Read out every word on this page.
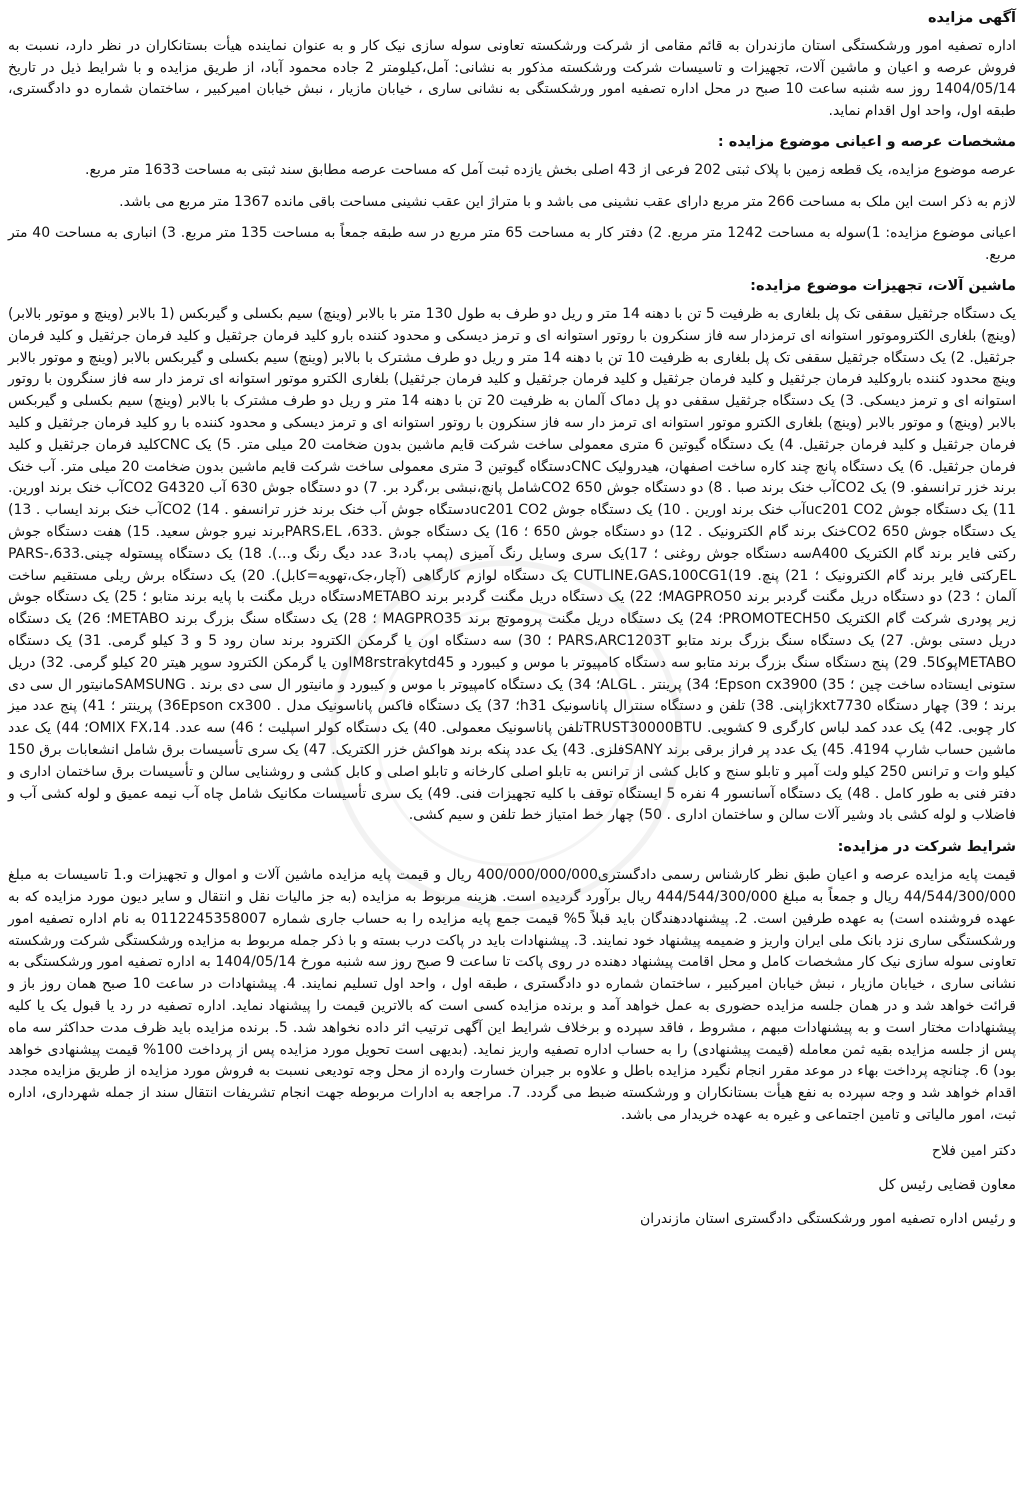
آگهی مزایده
اداره تصفیه امور ورشکستگی استان مازندران به قائم مقامی از شرکت ورشکسته تعاونی سوله سازی نیک کار و به عنوان نماینده هیأت بستانکاران در نظر دارد، نسبت به فروش عرصه و اعیان و ماشین آلات، تجهیزات و تاسیسات شرکت ورشکسته مذکور به نشانی: آمل،کیلومتر 2 جاده محمود آباد، از طریق مزایده و با شرایط ذیل در تاریخ 1404/05/14 روز سه شنبه ساعت 10 صبح در محل اداره تصفیه امور ورشکستگی به نشانی ساری ، خیابان مازیار ، نبش خیابان امیرکبیر ، ساختمان شماره دو دادگستری، طبقه اول، واحد اول اقدام نماید.
مشخصات عرصه و اعیانی موضوع مزایده :
عرصه موضوع مزایده، یک قطعه زمین با پلاک ثبتی 202 فرعی از 43 اصلی بخش یازده ثبت آمل که مساحت عرصه مطابق سند ثبتی به مساحت 1633 متر مربع.
لازم به ذکر است این ملک به مساحت 266 متر مربع دارای عقب نشینی می باشد و با متراژ این عقب نشینی مساحت باقی مانده 1367 متر مربع می باشد.
اعیانی موضوع مزایده: 1)سوله به مساحت 1242 متر مربع. 2) دفتر کار به مساحت 65 متر مربع در سه طبقه جمعاً به مساحت 135 متر مربع. 3) انباری به مساحت 40 متر مربع.
ماشین آلات، تجهیزات موضوع مزایده:
یک دستگاه جرثقیل سقفی تک پل بلغاری به ظرفیت 5 تن با دهنه 14 متر و ریل دو طرف به طول 130 متر با بالابر (وینچ) سیم بکسلی و گیربکس (1 بالابر (وینچ و موتور بالابر) (وینچ) بلغاری الکتروموتور استوانه ای ترمزدار سه فاز سنکرون با روتور استوانه ای و ترمز دیسکی و محدود کننده بارو کلید فرمان جرثقیل و کلید فرمان جرثقیل و کلید فرمان جرثقیل. 2) یک دستگاه جرثقیل سقفی تک پل بلغاری به ظرفیت 10 تن با دهنه 14 متر و ریل دو طرف مشترک با بالابر (وینچ) سیم بکسلی و گیربکس بالابر (وینچ و موتور بالابر وینچ محدود کننده باروکلید فرمان جرثقیل و کلید فرمان جرثقیل و کلید فرمان جرثقیل و کلید فرمان جرثقیل) بلغاری الکترو موتور استوانه ای ترمز دار سه فاز سنگرون با روتور استوانه ای و ترمز دیسکی. 3) یک دستگاه جرثقیل سقفی دو پل دماک آلمان به ظرفیت 20 تن با دهنه 14 متر و ریل دو طرف مشترک با بالابر (وینچ) سیم بکسلی و گیربکس بالابر (وینچ) و موتور بالابر (وینچ) بلغاری الکترو موتور استوانه ای ترمز دار سه فاز سنکرون با روتور استوانه ای و ترمز دیسکی و محدود کننده با رو کلید فرمان جرثقیل و کلید فرمان جرثقیل و کلید فرمان جرثقیل. 4) یک دستگاه گیوتین 6 متری معمولی ساخت شرکت قایم ماشین بدون ضخامت 20 میلی متر. 5) یک CNCکلید فرمان جرثقیل و کلید فرمان جرثقیل. 6) یک دستگاه پانچ چند کاره ساخت اصفهان، هیدرولیک CNCدستگاه گیوتین 3 متری معمولی ساخت شرکت قایم ماشین بدون ضخامت 20 میلی متر. آب خنک برند خزر ترانسفو. 9) یک CO2آب خنک برند صبا . 8) دو دستگاه جوش 650 CO2شامل پانچ،نبشی بر،گرد بر. 7) دو دستگاه جوش 630 آب CO2 G4320آب خنک برند اورین. 11) یک دستگاه جوش uc201 CO2آب خنک برند اورین . 10) یک دستگاه جوش uc201 CO2دستگاه جوش آب خنک برند خزر ترانسفو . 14) CO2آب خنک برند ایساب . 13) یک دستگاه جوش 650 CO2خنک برند گام الکترونیک . 12) دو دستگاه جوش 650 ؛ 16) یک دستگاه جوش .633، PARS،ELبرند نیرو جوش سعید. 15) هفت دستگاه جوش رکتی فایر برند گام الکتریک A400سه دستگاه جوش روغنی ؛ 17)یک سری وسایل رنگ آمیزی (پمپ باد،3 عدد دیگ رنگ و...). 18) یک دستگاه پیستوله چینی.633،PARS-ELرکتی فایر برند گام الکترونیک ؛ 21) پنچ. 19)CUTLINE،GAS،100CG1 یک دستگاه لوازم کارگاهی (آچار،جک،تهویه=کابل). 20) یک دستگاه برش ریلی مستقیم ساخت آلمان ؛ 23) دو دستگاه دریل مگنت گردبر برند MAGPRO50؛ 22) یک دستگاه دریل مگنت گردبر برند METABOدستگاه دریل مگنت با پایه برند متابو ؛ 25) یک دستگاه جوش زیر پودری شرکت گام الکتریک PROMOTECH50؛ 24) یک دستگاه دریل مگنت پروموتچ برند MAGPRO35 ؛ 28) یک دستگاه سنگ بزرگ برند METABO؛ 26) یک دستگاه دریل دستی بوش. 27) یک دستگاه سنگ بزرگ برند متابو PARS،ARC1203T ؛ 30) سه دستگاه اون یا گرمکن الکترود برند سان رود 5 و 3 کیلو گرمی. 31) یک دستگاه METABOپوکا5. 29) پنج دستگاه سنگ بزرگ برند متابو سه دستگاه کامپیوتر با موس و کیبورد و M8rstrakytd45اون یا گرمکن الکترود سوپر هیتر 20 کیلو گرمی. 32) دریل ستونی ایستاده ساخت چین ؛ 35) Epson cx3900؛ 34) پرینتر . ALGL؛ 34) یک دستگاه کامپیوتر با موس و کیبورد و مانیتور ال سی دی برند . SAMSUNGمانیتور ال سی دی برند ؛ 39) چهار دستگاه kxt7730ژاپنی. 38) تلفن و دستگاه سنترال پاناسونیک h31؛ 37) یک دستگاه فاکس پاناسونیک مدل . 36Epson cx300) پرینتر ؛ 41) پنج عدد میز کار چوبی. 42) یک عدد کمد لباس کارگری 9 کشویی. TRUST30000BTUتلفن پاناسونیک معمولی. 40) یک دستگاه کولر اسپلیت ؛ 46) سه عدد. OMIX FX،14؛ 44) یک عدد ماشین حساب شارپ 4194. 45) یک عدد پر فراز برقی برند SANYفلزی. 43) یک عدد پنکه برند هواکش خزر الکتریک. 47) یک سری تأسیسات برق شامل انشعابات برق 150 کیلو وات و ترانس 250 کیلو ولت آمپر و تابلو سنج و کابل کشی از ترانس به تابلو اصلی کارخانه و تابلو اصلی و کابل کشی و روشنایی سالن و تأسیسات برق ساختمان اداری و دفتر فنی به طور کامل . 48) یک دستگاه آسانسور 4 نفره 5 ایستگاه توقف با کلیه تجهیزات فنی. 49) یک سری تأسیسات مکانیک شامل چاه آب نیمه عمیق و لوله کشی آب و فاضلاب و لوله کشی باد وشیر آلات سالن و ساختمان اداری . 50) چهار خط امتیاز خط تلفن و سیم کشی.
شرایط شرکت در مزایده:
قیمت پایه مزایده عرصه و اعیان طبق نظر کارشناس رسمی دادگستری400/000/000/000 ریال و قیمت پایه مزایده ماشین آلات و اموال و تجهیزات و.1 تاسیسات به مبلغ 44/544/300/000 ریال و جمعاً به مبلغ 444/544/300/000 ریال برآورد گردیده است. هزینه مربوط به مزایده (به جز مالیات نقل و انتقال و سایر دیون مورد مزایده که به عهده فروشنده است) به عهده طرفین است. 2. پیشنهاددهندگان باید قبلاً 5% قیمت جمع پایه مزایده را به حساب جاری شماره 0112245358007 به نام اداره تصفیه امور ورشکستگی ساری نزد بانک ملی ایران واریز و ضمیمه پیشنهاد خود نمایند. 3. پیشنهادات باید در پاکت درب بسته و با ذکر جمله مربوط به مزایده ورشکستگی شرکت ورشکسته تعاونی سوله سازی نیک کار مشخصات کامل و محل اقامت پیشنهاد دهنده در روی پاکت تا ساعت 9 صبح روز سه شنبه مورخ 1404/05/14 به اداره تصفیه امور ورشکستگی به نشانی ساری ، خیابان مازیار ، نبش خیابان امیرکبیر ، ساختمان شماره دو دادگستری ، طبقه اول ، واحد اول تسلیم نمایند. 4. پیشنهادات در ساعت 10 صبح همان روز باز و قرائت خواهد شد و در همان جلسه مزایده حضوری به عمل خواهد آمد و برنده مزایده کسی است که بالاترین قیمت را پیشنهاد نماید. اداره تصفیه در رد یا قبول یک یا کلیه پیشنهادات مختار است و به پیشنهادات مبهم ، مشروط ، فاقد سپرده و برخلاف شرایط این آگهی ترتیب اثر داده نخواهد شد. 5. برنده مزایده باید ظرف مدت حداکثر سه ماه پس از جلسه مزایده بقیه ثمن معامله (قیمت پیشنهادی) را به حساب اداره تصفیه واریز نماید. (بدیهی است تحویل مورد مزایده پس از پرداخت 100% قیمت پیشنهادی خواهد بود) 6. چنانچه پرداخت بهاء در موعد مقرر انجام نگیرد مزایده باطل و علاوه بر جبران خسارت وارده از محل وجه تودیعی نسبت به فروش مورد مزایده از طریق مزایده مجدد اقدام خواهد شد و وجه سپرده به نفع هیأت بستانکاران و ورشکسته ضبط می گردد. 7. مراجعه به ادارات مربوطه جهت انجام تشریفات انتقال سند از جمله شهرداری، اداره ثبت، امور مالیاتی و تامین اجتماعی و غیره به عهده خریدار می باشد.
دکتر امین فلاح
معاون قضایی رئیس کل
و رئیس اداره تصفیه امور ورشکستگی دادگستری استان مازندران
